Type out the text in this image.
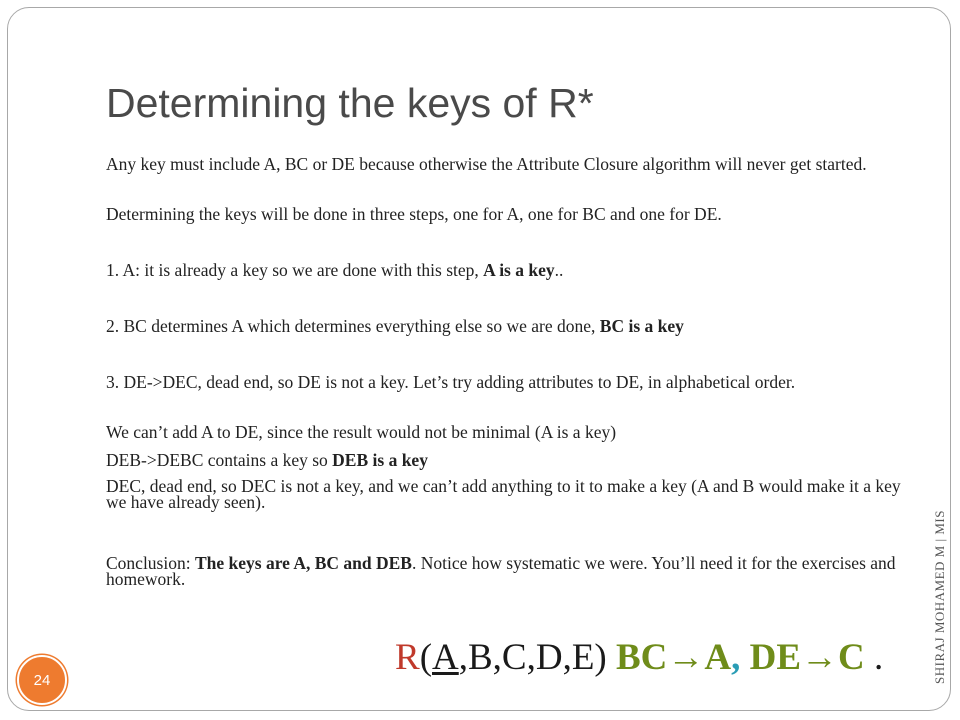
Determining the keys of R*

Any key must include A, BC or DE because otherwise the Attribute Closure algorithm will never get started.

Determining the keys will be done in three steps, one for A, one for BC and one for DE.

1. A: it is already a key so we are done with this step, A is a key..

2. BC determines A which determines everything else so we are done, BC is a key

3. DE->DEC, dead end, so DE is not a key. Let’s try adding attributes to DE, in alphabetical order.

We can’t add A to DE, since the result would not be minimal (A is a key)

DEB->DEBC contains a key so DEB is a key

DEC, dead end, so DEC is not a key, and we can’t add anything to it to make a key (A and B would make it a key we have already seen).

Conclusion: The keys are A, BC and DEB. Notice how systematic we were. You’ll need it for the exercises and homework.

R(A,B,C,D,E) BC→A, DE→C .	SHIRAJ MOHAMED M | MIS
24
